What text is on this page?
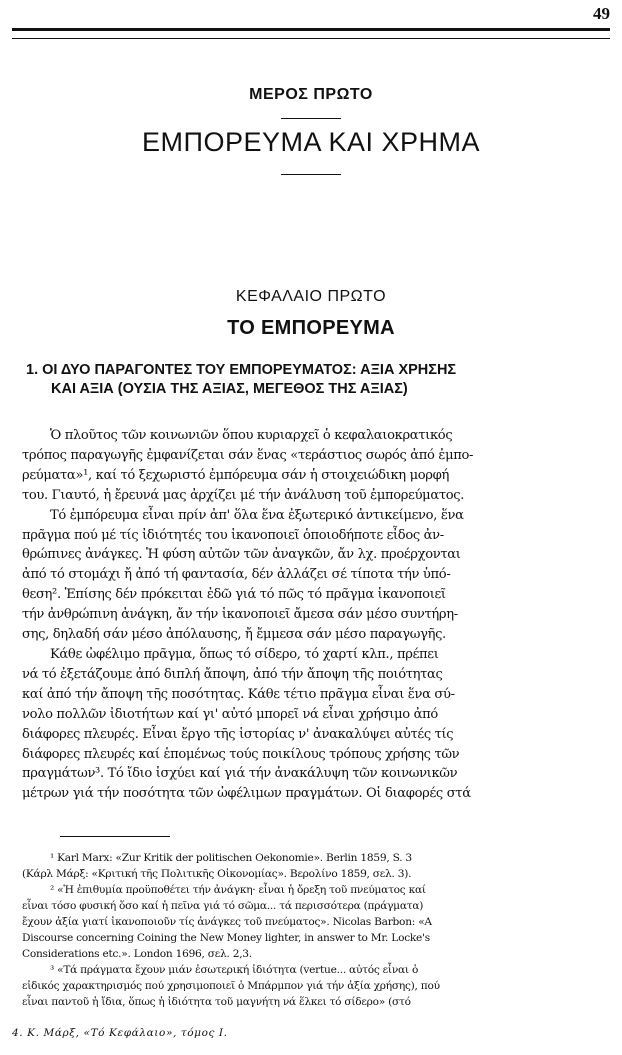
49
ΜΕΡΟΣ ΠΡΩΤΟ
ΕΜΠΟΡΕΥΜΑ ΚΑΙ ΧΡΗΜΑ
ΚΕΦΑΛΑΙΟ ΠΡΩΤΟ
ΤΟ ΕΜΠΟΡΕΥΜΑ
1. ΟΙ ΔΥΟ ΠΑΡΑΓΟΝΤΕΣ ΤΟΥ ΕΜΠΟΡΕΥΜΑΤΟΣ: ΑΞΙΑ ΧΡΗΣΗΣ
ΚΑΙ ΑΞΙΑ (ΟΥΣΙΑ ΤΗΣ ΑΞΙΑΣ, ΜΕΓΕΘΟΣ ΤΗΣ ΑΞΙΑΣ)
Ὁ πλοῦτος τῶν κοινωνιῶν ὅπου κυριαρχεῖ ὁ κεφαλαιοκρατικός
τρόπος παραγωγῆς ἐμφανίζεται σάν ἕνας «τεράστιος σωρός ἀπό ἐμπο-
ρεύματα»¹, καί τό ξεχωριστό ἐμπόρευμα σάν ἡ στοιχειώδικη μορφή
του. Γιαυτό, ἡ ἔρευνά μας ἀρχίζει μέ τήν ἀνάλυση τοῦ ἐμπορεύματος.
Τό ἐμπόρευμα εἶναι πρίν ἀπ' ὅλα ἕνα ἐξωτερικό ἀντικείμενο, ἕνα
πρᾶγμα πού μέ τίς ἰδιότητές του ἱκανοποιεῖ ὁποιοδήποτε εἶδος ἀν-
θρώπινες ἀνάγκες. Ἡ φύση αὐτῶν τῶν ἀναγκῶν, ἄν λχ. προέρχονται
ἀπό τό στομάχι ἤ ἀπό τή φαντασία, δέν ἀλλάζει σέ τίποτα τήν ὑπό-
θεση². Ἐπίσης δέν πρόκειται ἐδῶ γιά τό πῶς τό πρᾶγμα ἱκανοποιεῖ
τήν ἀνθρώπινη ἀνάγκη, ἄν τήν ἱκανοποιεῖ ἄμεσα σάν μέσο συντήρη-
σης, δηλαδή σάν μέσο ἀπόλαυσης, ἤ ἔμμεσα σάν μέσο παραγωγῆς.
Κάθε ὠφέλιμο πρᾶγμα, ὅπως τό σίδερο, τό χαρτί κλπ., πρέπει
νά τό ἐξετάζουμε ἀπό διπλή ἄποψη, ἀπό τήν ἄποψη τῆς ποιότητας
καί ἀπό τήν ἄποψη τῆς ποσότητας. Κάθε τέτιο πρᾶγμα εἶναι ἕνα σύ-
νολο πολλῶν ἰδιοτήτων καί γι' αὐτό μπορεῖ νά εἶναι χρήσιμο ἀπό
διάφορες πλευρές. Εἶναι ἔργο τῆς ἱστορίας ν' ἀνακαλύψει αὐτές τίς
διάφορες πλευρές καί ἑπομένως τούς ποικίλους τρόπους χρήσης τῶν
πραγμάτων³. Τό ἴδιο ἰσχύει καί γιά τήν ἀνακάλυψη τῶν κοινωνικῶν
μέτρων γιά τήν ποσότητα τῶν ὠφέλιμων πραγμάτων. Οἱ διαφορές στά
¹ Karl Marx: «Zur Kritik der politischen Oekonomie». Berlin 1859, S. 3
(Κάρλ Μάρξ: «Κριτική τῆς Πολιτικῆς Οἰκονομίας». Βερολίνο 1859, σελ. 3).
² «Ἡ ἐπιθυμία προϋποθέτει τήν ἀνάγκη· εἶναι ἡ ὄρεξη τοῦ πνεύματος καί
εἶναι τόσο φυσική ὅσο καί ἡ πεῖνα γιά τό σῶμα... τά περισσότερα (πράγματα)
ἔχουν ἀξία γιατί ἱκανοποιοῦν τίς ἀνάγκες τοῦ πνεύματος». Nicolas Barbon: «A
Discourse concerning Coining the New Money lighter, in answer to Mr. Locke's
Considerations etc.». London 1696, σελ. 2,3.
³ «Τά πράγματα ἔχουν μιάν ἐσωτερική ἰδιότητα (vertue... αὐτός εἶναι ὁ
εἰδικός χαρακτηρισμός πού χρησιμοποιεῖ ὁ Μπάρμπον γιά τήν ἀξία χρήσης), πού
εἶναι παντοῦ ἡ ἴδια, ὅπως ἡ ἰδιότητα τοῦ μαγνήτη νά ἕλκει τό σίδερο» (στό
4. Κ. Μάρξ, «Τό Κεφάλαιο», τόμος Ι.
